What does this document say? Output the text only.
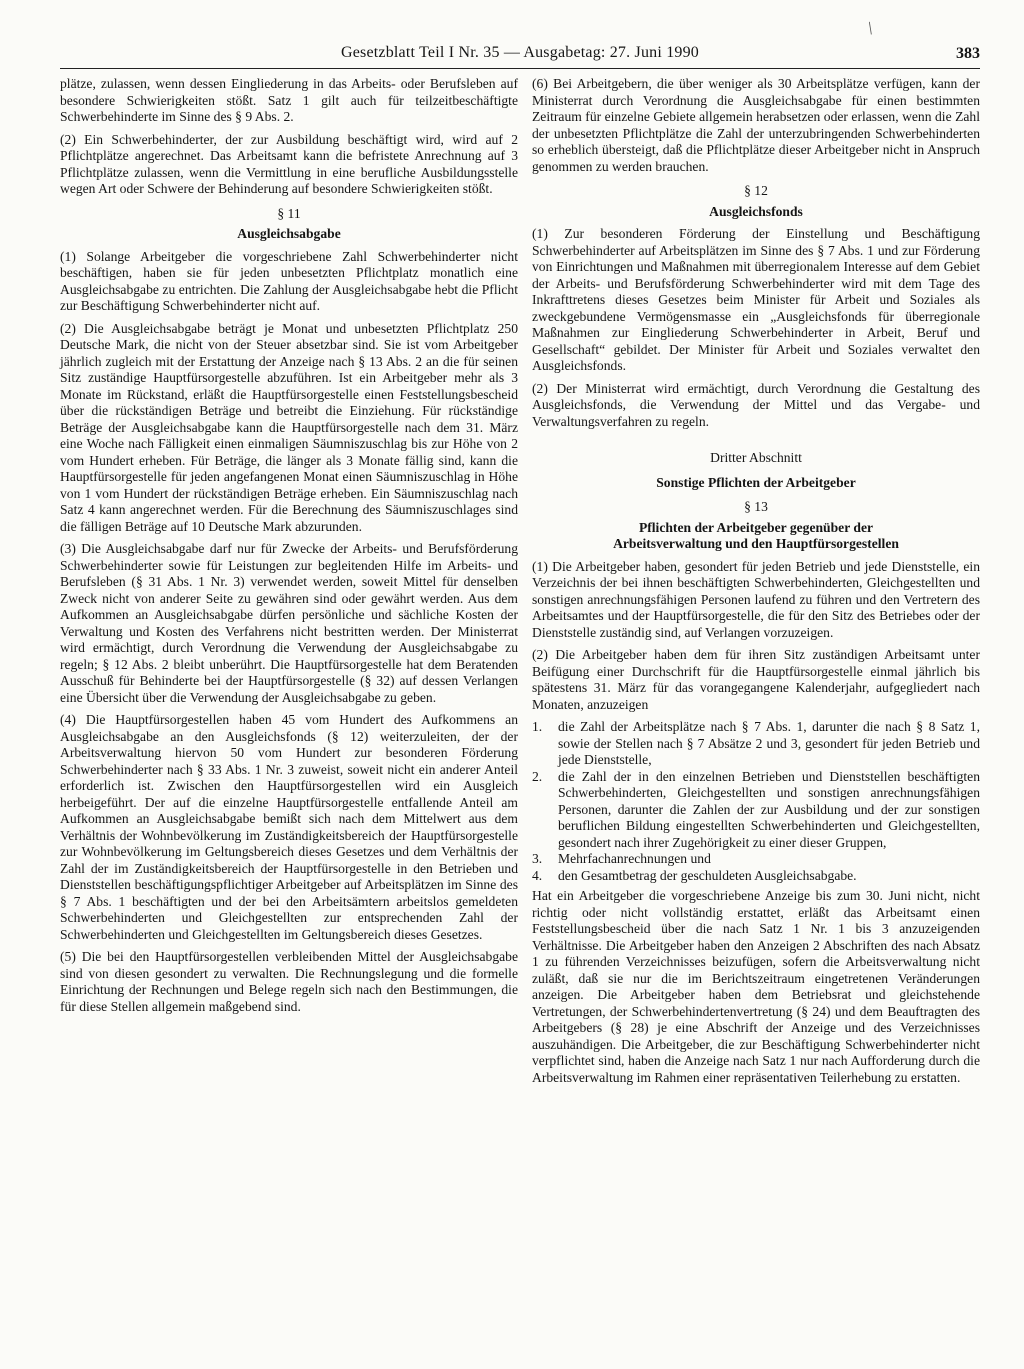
/
Gesetzblatt Teil I Nr. 35 — Ausgabetag: 27. Juni 1990	383

plätze, zulassen, wenn dessen Eingliederung in das Arbeits- oder Berufsleben auf besondere Schwierigkeiten stößt. Satz 1 gilt auch für teilzeitbeschäftigte Schwerbehinderte im Sinne des § 9 Abs. 2.

(2) Ein Schwerbehinderter, der zur Ausbildung beschäftigt wird, wird auf 2 Pflichtplätze angerechnet. Das Arbeitsamt kann die befristete Anrechnung auf 3 Pflichtplätze zulassen, wenn die Vermittlung in eine berufliche Ausbildungsstelle wegen Art oder Schwere der Behinderung auf besondere Schwierigkeiten stößt.

§ 11
Ausgleichsabgabe

(1) Solange Arbeitgeber die vorgeschriebene Zahl Schwerbehinderter nicht beschäftigen, haben sie für jeden unbesetzten Pflichtplatz monatlich eine Ausgleichsabgabe zu entrichten. Die Zahlung der Ausgleichsabgabe hebt die Pflicht zur Beschäftigung Schwerbehinderter nicht auf.

(2) Die Ausgleichsabgabe beträgt je Monat und unbesetzten Pflichtplatz 250 Deutsche Mark, die nicht von der Steuer absetzbar sind. Sie ist vom Arbeitgeber jährlich zugleich mit der Erstattung der Anzeige nach § 13 Abs. 2 an die für seinen Sitz zuständige Hauptfürsorgestelle abzuführen. Ist ein Arbeitgeber mehr als 3 Monate im Rückstand, erläßt die Hauptfürsorgestelle einen Feststellungsbescheid über die rückständigen Beträge und betreibt die Einziehung. Für rückständige Beträge der Ausgleichsabgabe kann die Hauptfürsorgestelle nach dem 31. März eine Woche nach Fälligkeit einen einmaligen Säumniszuschlag bis zur Höhe von 2 vom Hundert erheben. Für Beträge, die länger als 3 Monate fällig sind, kann die Hauptfürsorgestelle für jeden angefangenen Monat einen Säumniszuschlag in Höhe von 1 vom Hundert der rückständigen Beträge erheben. Ein Säumniszuschlag nach Satz 4 kann angerechnet werden. Für die Berechnung des Säumniszuschlages sind die fälligen Beträge auf 10 Deutsche Mark abzurunden.

(3) Die Ausgleichsabgabe darf nur für Zwecke der Arbeits- und Berufsförderung Schwerbehinderter sowie für Leistungen zur begleitenden Hilfe im Arbeits- und Berufsleben (§ 31 Abs. 1 Nr. 3) verwendet werden, soweit Mittel für denselben Zweck nicht von anderer Seite zu gewähren sind oder gewährt werden. Aus dem Aufkommen an Ausgleichsabgabe dürfen persönliche und sächliche Kosten der Verwaltung und Kosten des Verfahrens nicht bestritten werden. Der Ministerrat wird ermächtigt, durch Verordnung die Verwendung der Ausgleichsabgabe zu regeln; § 12 Abs. 2 bleibt unberührt. Die Hauptfürsorgestelle hat dem Beratenden Ausschuß für Behinderte bei der Hauptfürsorgestelle (§ 32) auf dessen Verlangen eine Übersicht über die Verwendung der Ausgleichsabgabe zu geben.

(4) Die Hauptfürsorgestellen haben 45 vom Hundert des Aufkommens an Ausgleichsabgabe an den Ausgleichsfonds (§ 12) weiterzuleiten, der der Arbeitsverwaltung hiervon 50 vom Hundert zur besonderen Förderung Schwerbehinderter nach § 33 Abs. 1 Nr. 3 zuweist, soweit nicht ein anderer Anteil erforderlich ist. Zwischen den Hauptfürsorgestellen wird ein Ausgleich herbeigeführt. Der auf die einzelne Hauptfürsorgestelle entfallende Anteil am Aufkommen an Ausgleichsabgabe bemißt sich nach dem Mittelwert aus dem Verhältnis der Wohnbevölkerung im Zuständigkeitsbereich der Hauptfürsorgestelle zur Wohnbevölkerung im Geltungsbereich dieses Gesetzes und dem Verhältnis der Zahl der im Zuständigkeitsbereich der Hauptfürsorgestelle in den Betrieben und Dienststellen beschäftigungspflichtiger Arbeitgeber auf Arbeitsplätzen im Sinne des § 7 Abs. 1 beschäftigten und der bei den Arbeitsämtern arbeitslos gemeldeten Schwerbehinderten und Gleichgestellten zur entsprechenden Zahl der Schwerbehinderten und Gleichgestellten im Geltungsbereich dieses Gesetzes.

(5) Die bei den Hauptfürsorgestellen verbleibenden Mittel der Ausgleichsabgabe sind von diesen gesondert zu verwalten. Die Rechnungslegung und die formelle Einrichtung der Rechnungen und Belege regeln sich nach den Bestimmungen, die für diese Stellen allgemein maßgebend sind.

(6) Bei Arbeitgebern, die über weniger als 30 Arbeitsplätze verfügen, kann der Ministerrat durch Verordnung die Ausgleichsabgabe für einen bestimmten Zeitraum für einzelne Gebiete allgemein herabsetzen oder erlassen, wenn die Zahl der unbesetzten Pflichtplätze die Zahl der unterzubringenden Schwerbehinderten so erheblich übersteigt, daß die Pflichtplätze dieser Arbeitgeber nicht in Anspruch genommen zu werden brauchen.

§ 12
Ausgleichsfonds

(1) Zur besonderen Förderung der Einstellung und Beschäftigung Schwerbehinderter auf Arbeitsplätzen im Sinne des § 7 Abs. 1 und zur Förderung von Einrichtungen und Maßnahmen mit überregionalem Interesse auf dem Gebiet der Arbeits- und Berufsförderung Schwerbehinderter wird mit dem Tage des Inkrafttretens dieses Gesetzes beim Minister für Arbeit und Soziales als zweckgebundene Vermögensmasse ein „Ausgleichsfonds für überregionale Maßnahmen zur Eingliederung Schwerbehinderter in Arbeit, Beruf und Gesellschaft“ gebildet. Der Minister für Arbeit und Soziales verwaltet den Ausgleichsfonds.

(2) Der Ministerrat wird ermächtigt, durch Verordnung die Gestaltung des Ausgleichsfonds, die Verwendung der Mittel und das Vergabe- und Verwaltungsverfahren zu regeln.

Dritter Abschnitt
Sonstige Pflichten der Arbeitgeber
§ 13
Pflichten der Arbeitgeber gegenüber der
Arbeitsverwaltung und den Hauptfürsorgestellen

(1) Die Arbeitgeber haben, gesondert für jeden Betrieb und jede Dienststelle, ein Verzeichnis der bei ihnen beschäftigten Schwerbehinderten, Gleichgestellten und sonstigen anrechnungsfähigen Personen laufend zu führen und den Vertretern des Arbeitsamtes und der Hauptfürsorgestelle, die für den Sitz des Betriebes oder der Dienststelle zuständig sind, auf Verlangen vorzuzeigen.

(2) Die Arbeitgeber haben dem für ihren Sitz zuständigen Arbeitsamt unter Beifügung einer Durchschrift für die Hauptfürsorgestelle einmal jährlich bis spätestens 31. März für das vorangegangene Kalenderjahr, aufgegliedert nach Monaten, anzuzeigen

1.	die Zahl der Arbeitsplätze nach § 7 Abs. 1, darunter die nach § 8 Satz 1, sowie der Stellen nach § 7 Absätze 2 und 3, gesondert für jeden Betrieb und jede Dienststelle,
2.	die Zahl der in den einzelnen Betrieben und Dienststellen beschäftigten Schwerbehinderten, Gleichgestellten und sonstigen anrechnungsfähigen Personen, darunter die Zahlen der zur Ausbildung und der zur sonstigen beruflichen Bildung eingestellten Schwerbehinderten und Gleichgestellten, gesondert nach ihrer Zugehörigkeit zu einer dieser Gruppen,
3.	Mehrfachanrechnungen und
4.	den Gesamtbetrag der geschuldeten Ausgleichsabgabe.

Hat ein Arbeitgeber die vorgeschriebene Anzeige bis zum 30. Juni nicht, nicht richtig oder nicht vollständig erstattet, erläßt das Arbeitsamt einen Feststellungsbescheid über die nach Satz 1 Nr. 1 bis 3 anzuzeigenden Verhältnisse. Die Arbeitgeber haben den Anzeigen 2 Abschriften des nach Absatz 1 zu führenden Verzeichnisses beizufügen, sofern die Arbeitsverwaltung nicht zuläßt, daß sie nur die im Berichtszeitraum eingetretenen Veränderungen anzeigen. Die Arbeitgeber haben dem Betriebsrat und gleichstehende Vertretungen, der Schwerbehindertenvertretung (§ 24) und dem Beauftragten des Arbeitgebers (§ 28) je eine Abschrift der Anzeige und des Verzeichnisses auszuhändigen. Die Arbeitgeber, die zur Beschäftigung Schwerbehinderter nicht verpflichtet sind, haben die Anzeige nach Satz 1 nur nach Aufforderung durch die Arbeitsverwaltung im Rahmen einer repräsentativen Teilerhebung zu erstatten.
